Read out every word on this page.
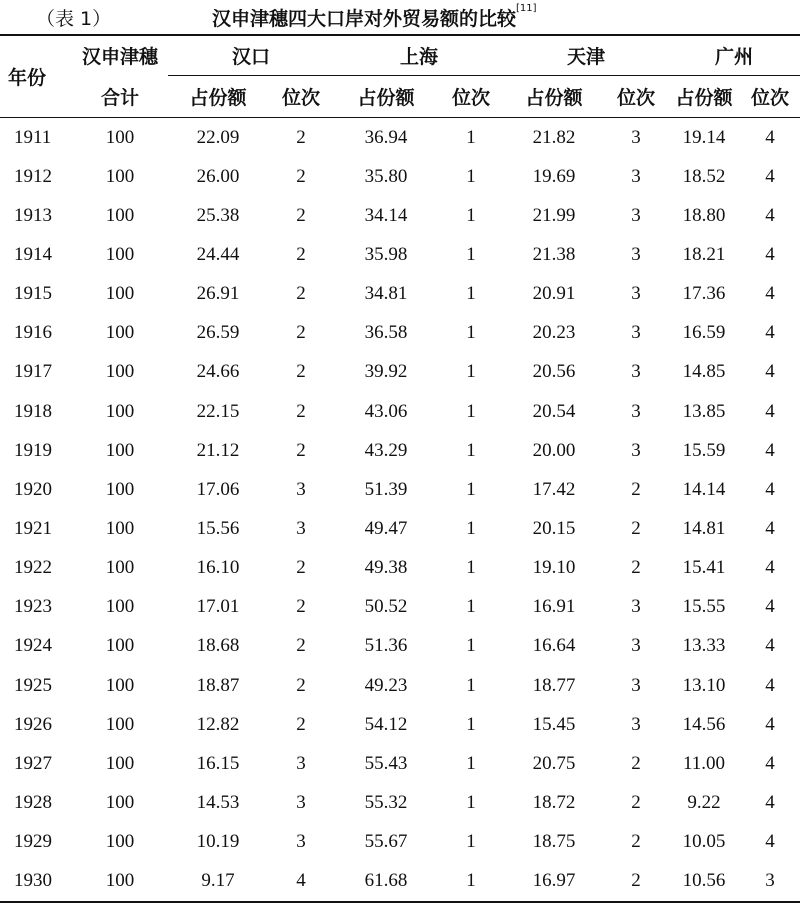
（表 1）	汉申津穗四大口岸对外贸易额的比较[11]
年份	汉申津穗	汉口		上海		天津		广州	
	合计	占份额	位次	占份额	位次	占份额	位次	占份额	位次
1911	100	22.09	2	36.94	1	21.82	3	19.14	4
1912	100	26.00	2	35.80	1	19.69	3	18.52	4
1913	100	25.38	2	34.14	1	21.99	3	18.80	4
1914	100	24.44	2	35.98	1	21.38	3	18.21	4
1915	100	26.91	2	34.81	1	20.91	3	17.36	4
1916	100	26.59	2	36.58	1	20.23	3	16.59	4
1917	100	24.66	2	39.92	1	20.56	3	14.85	4
1918	100	22.15	2	43.06	1	20.54	3	13.85	4
1919	100	21.12	2	43.29	1	20.00	3	15.59	4
1920	100	17.06	3	51.39	1	17.42	2	14.14	4
1921	100	15.56	3	49.47	1	20.15	2	14.81	4
1922	100	16.10	2	49.38	1	19.10	2	15.41	4
1923	100	17.01	2	50.52	1	16.91	3	15.55	4
1924	100	18.68	2	51.36	1	16.64	3	13.33	4
1925	100	18.87	2	49.23	1	18.77	3	13.10	4
1926	100	12.82	2	54.12	1	15.45	3	14.56	4
1927	100	16.15	3	55.43	1	20.75	2	11.00	4
1928	100	14.53	3	55.32	1	18.72	2	9.22	4
1929	100	10.19	3	55.67	1	18.75	2	10.05	4
1930	100	9.17	4	61.68	1	16.97	2	10.56	3
